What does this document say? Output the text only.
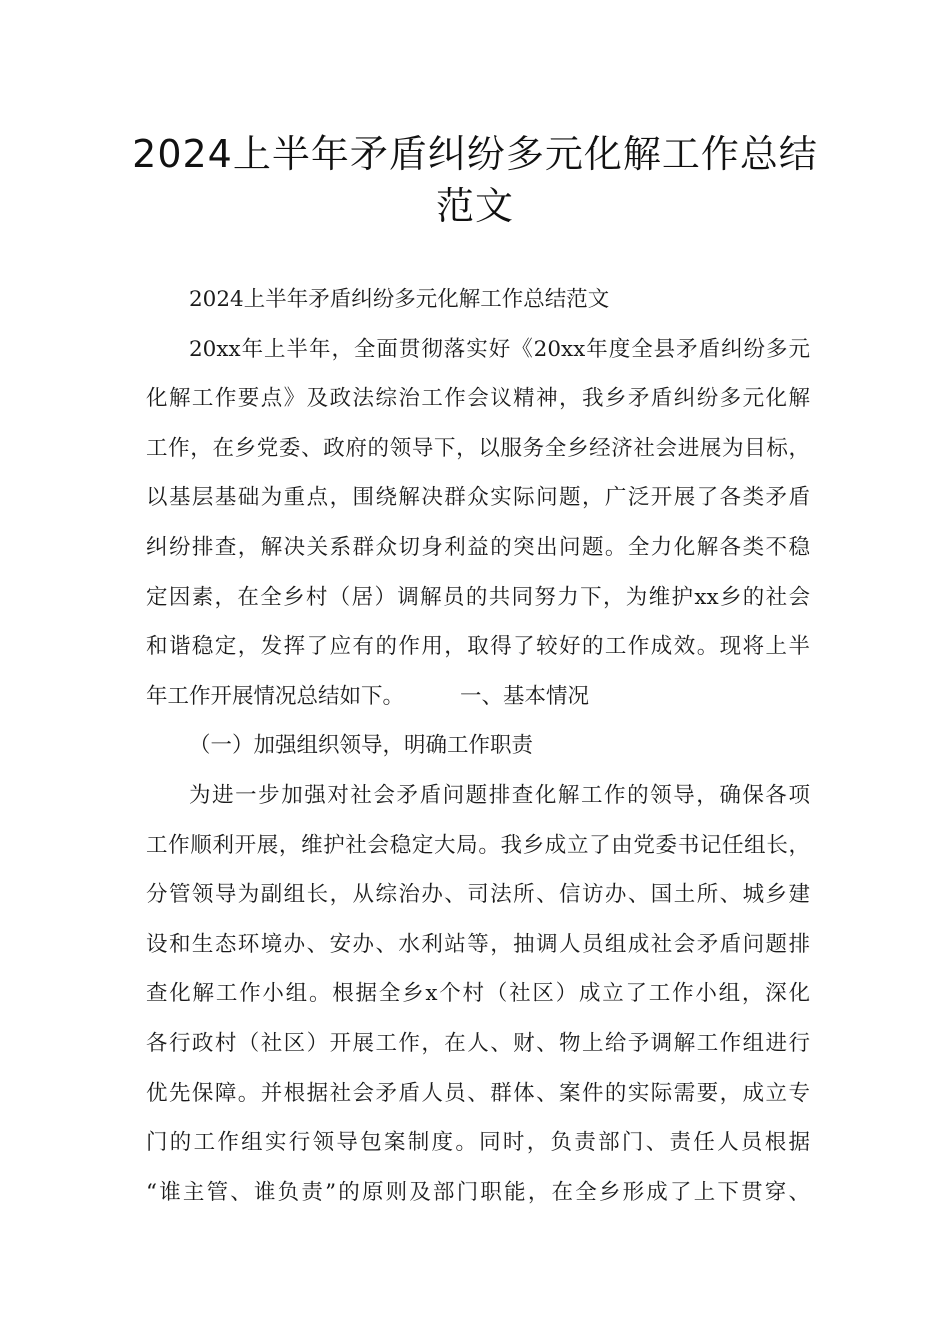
2024上半年矛盾纠纷多元化解工作总结
范文
2024上半年矛盾纠纷多元化解工作总结范文
20xx年上半年，全面贯彻落实好《20xx年度全县矛盾纠纷多元
化解工作要点》及政法综治工作会议精神，我乡矛盾纠纷多元化解
工作，在乡党委、政府的领导下，以服务全乡经济社会进展为目标，
以基层基础为重点，围绕解决群众实际问题，广泛开展了各类矛盾
纠纷排查，解决关系群众切身利益的突出问题。全力化解各类不稳
定因素，在全乡村（居）调解员的共同努力下，为维护xx乡的社会
和谐稳定，发挥了应有的作用，取得了较好的工作成效。现将上半
年工作开展情况总结如下。	一、基本情况
（一）加强组织领导，明确工作职责
为进一步加强对社会矛盾问题排查化解工作的领导，确保各项
工作顺利开展，维护社会稳定大局。我乡成立了由党委书记任组长，
分管领导为副组长，从综治办、司法所、信访办、国土所、城乡建
设和生态环境办、安办、水利站等，抽调人员组成社会矛盾问题排
查化解工作小组。根据全乡x个村（社区）成立了工作小组，深化
各行政村（社区）开展工作，在人、财、物上给予调解工作组进行
优先保障。并根据社会矛盾人员、群体、案件的实际需要，成立专
门的工作组实行领导包案制度。同时，负责部门、责任人员根据
“谁主管、谁负责”的原则及部门职能，在全乡形成了上下贯穿、
